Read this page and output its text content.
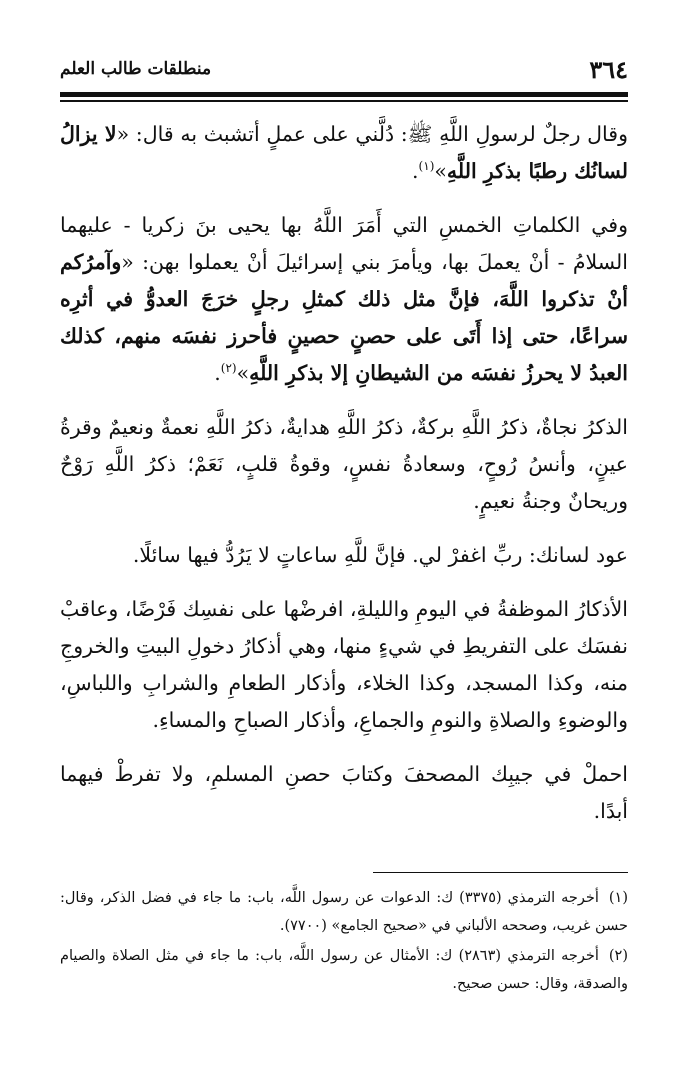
٣٦٤
منطلقات طالب العلم

وقال رجلٌ لرسولِ اللَّهِ ﷺ: دُلَّني على عملٍ أتشبث به قال: «لا يزالُ لسانُك رطبًا بذكرِ اللَّهِ»$^{(١)}$.

وفي الكلماتِ الخمسِ التي أَمَرَ اللَّهُ بها يحيى بنَ زكريا - عليهما السلامُ - أنْ يعملَ بها، ويأمرَ بني إسرائيلَ أنْ يعملوا بهن: «وآمرُكم أنْ تذكروا اللَّهَ، فإنَّ مثل ذلك كمثلِ رجلٍ خرَجَ العدوُّ في أثرِه سراعًا، حتى إذا أَتَى على حصنٍ حصينٍ فأحرز نفسَه منهم، كذلك العبدُ لا يحرزُ نفسَه من الشيطانِ إلا بذكرِ اللَّهِ»$^{(٢)}$.

الذكرُ نجاةٌ، ذكرُ اللَّهِ بركةٌ، ذكرُ اللَّهِ هدايةٌ، ذكرُ اللَّهِ نعمةٌ ونعيمٌ وقرةُ عينٍ، وأنسُ رُوحٍ، وسعادةُ نفسٍ، وقوةُ قلبٍ، نَعَمْ؛ ذكرُ اللَّهِ رَوْحٌ وريحانٌ وجنةُ نعيمٍ.

عود لسانك: ربِّ اغفرْ لي. فإنَّ للَّهِ ساعاتٍ لا يَرُدُّ فيها سائلًا.

الأذكارُ الموظفةُ في اليومِ والليلةِ، افرضْها على نفسِك فَرْضًا، وعاقبْ نفسَك على التفريطِ في شيءٍ منها، وهي أذكارُ دخولِ البيتِ والخروجِ منه، وكذا المسجد، وكذا الخلاء، وأذكار الطعامِ والشرابِ واللباسِ، والوضوءِ والصلاةِ والنومِ والجماعِ، وأذكار الصباحِ والمساءِ.

احملْ في جيبِك المصحفَ وكتابَ حصنِ المسلمِ، ولا تفرطْ فيهما أبدًا.

(١)أخرجه الترمذي (٣٣٧٥) ك: الدعوات عن رسول اللَّه، باب: ما جاء في فضل الذكر، وقال: حسن غريب، وصححه الألباني في «صحيح الجامع» (٧٧٠٠).
(٢)أخرجه الترمذي (٢٨٦٣) ك: الأمثال عن رسول اللَّه، باب: ما جاء في مثل الصلاة والصيام والصدقة، وقال: حسن صحيح.
